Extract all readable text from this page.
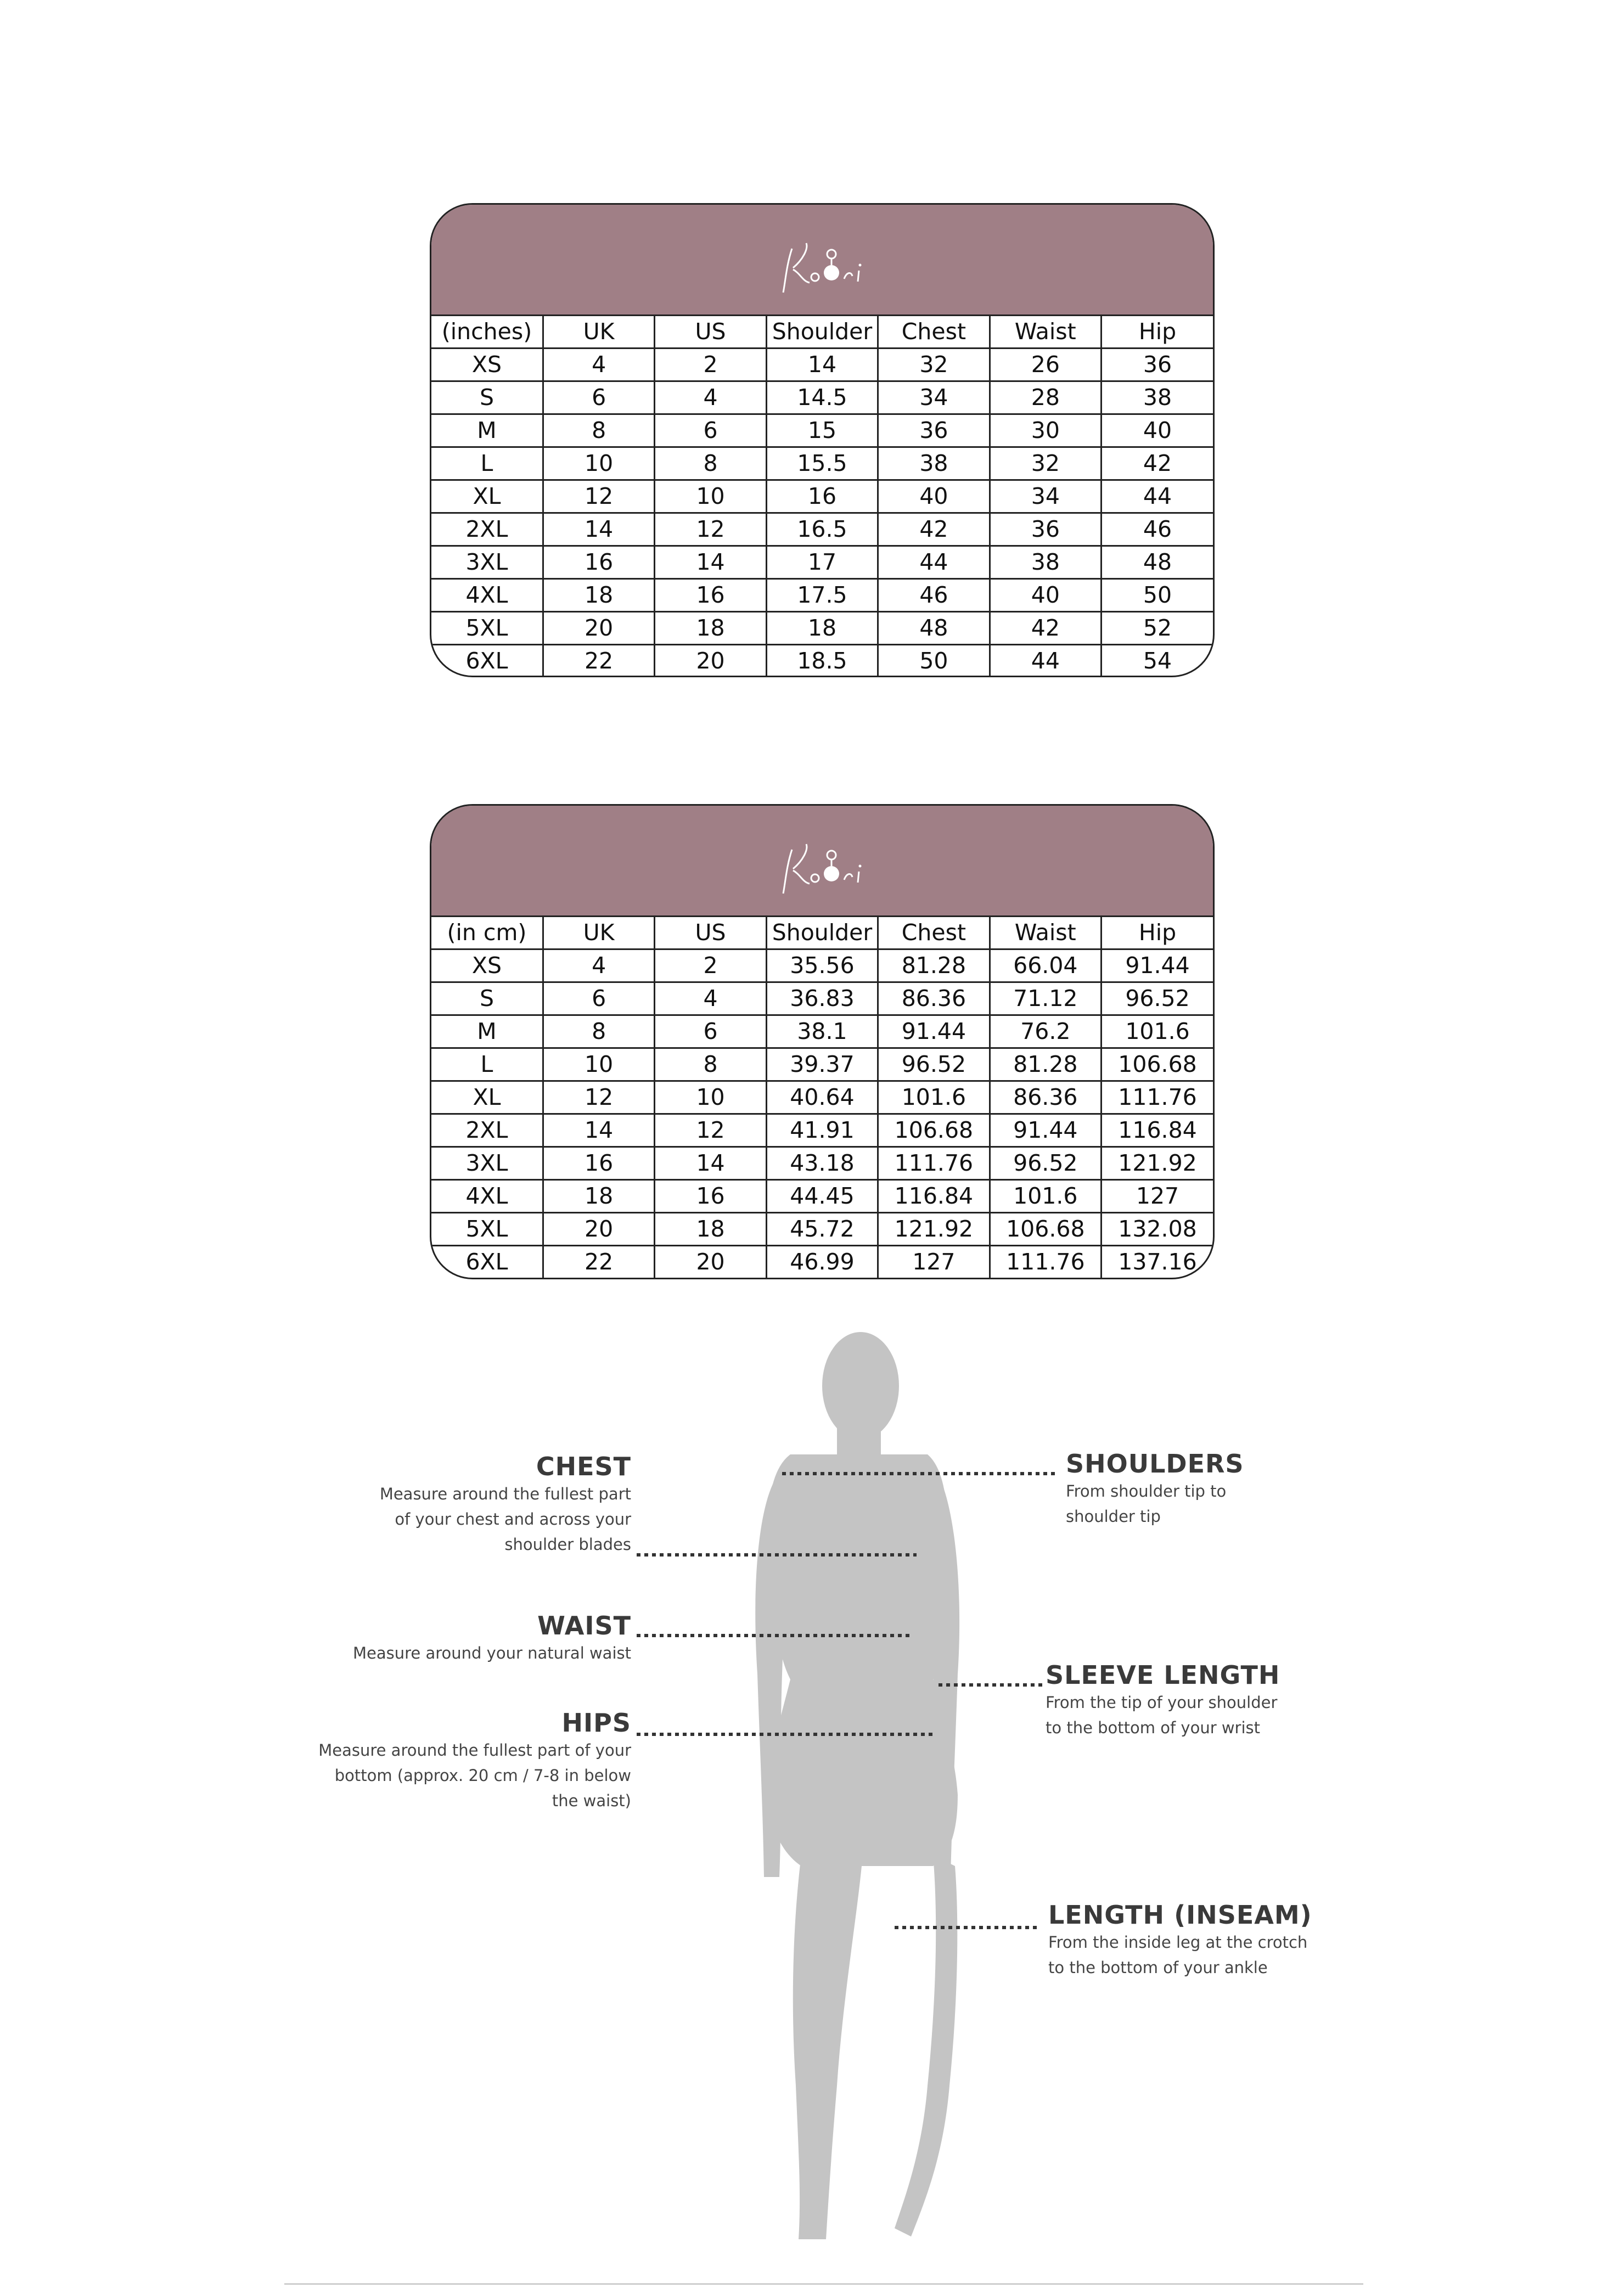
(inches)	UK	US	Shoulder	Chest	Waist	Hip
XS	4	2	14	32	26	36
S	6	4	14.5	34	28	38
M	8	6	15	36	30	40
L	10	8	15.5	38	32	42
XL	12	10	16	40	34	44
2XL	14	12	16.5	42	36	46
3XL	16	14	17	44	38	48
4XL	18	16	17.5	46	40	50
5XL	20	18	18	48	42	52
6XL	22	20	18.5	50	44	54
(in cm)	UK	US	Shoulder	Chest	Waist	Hip
XS	4	2	35.56	81.28	66.04	91.44
S	6	4	36.83	86.36	71.12	96.52
M	8	6	38.1	91.44	76.2	101.6
L	10	8	39.37	96.52	81.28	106.68
XL	12	10	40.64	101.6	86.36	111.76
2XL	14	12	41.91	106.68	91.44	116.84
3XL	16	14	43.18	111.76	96.52	121.92
4XL	18	16	44.45	116.84	101.6	127
5XL	20	18	45.72	121.92	106.68	132.08
6XL	22	20	46.99	127	111.76	137.16
CHEST
Measure around the fullest part
of your chest and across your
shoulder blades
WAIST
Measure around your natural waist
HIPS
Measure around the fullest part of your
bottom (approx. 20 cm / 7-8 in below
the waist)
SHOULDERS
From shoulder tip to
shoulder tip
SLEEVE LENGTH
From the tip of your shoulder
to the bottom of your wrist
LENGTH (INSEAM)
From the inside leg at the crotch
to the bottom of your ankle
